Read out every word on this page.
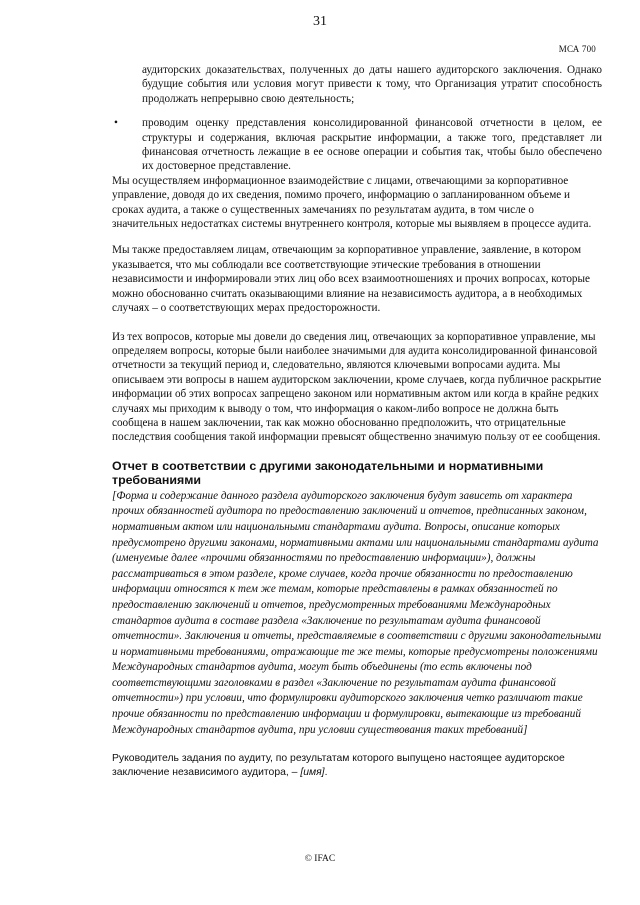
31
МСА 700

аудиторских доказательствах, полученных до даты нашего аудиторского заключения. Однако будущие события или условия могут привести к тому, что Организация утратит способность продолжать непрерывно свою деятельность;

• проводим оценку представления консолидированной финансовой отчетности в целом, ее структуры и содержания, включая раскрытие информации, а также того, представляет ли финансовая отчетность лежащие в ее основе операции и события так, чтобы было обеспечено их достоверное представление.

Мы осуществляем информационное взаимодействие с лицами, отвечающими за корпоративное управление, доводя до их сведения, помимо прочего, информацию о запланированном объеме и сроках аудита, а также о существенных замечаниях по результатам аудита, в том числе о значительных недостатках системы внутреннего контроля, которые мы выявляем в процессе аудита.

Мы также предоставляем лицам, отвечающим за корпоративное управление, заявление, в котором указывается, что мы соблюдали все соответствующие этические требования в отношении независимости и информировали этих лиц обо всех взаимоотношениях и прочих вопросах, которые можно обоснованно считать оказывающими влияние на независимость аудитора, а в необходимых случаях – о соответствующих мерах предосторожности.

Из тех вопросов, которые мы довели до сведения лиц, отвечающих за корпоративное управление, мы определяем вопросы, которые были наиболее значимыми для аудита консолидированной финансовой отчетности за текущий период и, следовательно, являются ключевыми вопросами аудита. Мы описываем эти вопросы в нашем аудиторском заключении, кроме случаев, когда публичное раскрытие информации об этих вопросах запрещено законом или нормативным актом или когда в крайне редких случаях мы приходим к выводу о том, что информация о каком-либо вопросе не должна быть сообщена в нашем заключении, так как можно обоснованно предположить, что отрицательные последствия сообщения такой информации превысят общественно значимую пользу от ее сообщения.

Отчет в соответствии с другими законодательными и нормативными требованиями

[Форма и содержание данного раздела аудиторского заключения будут зависеть от характера прочих обязанностей аудитора по предоставлению заключений и отчетов, предписанных законом, нормативным актом или национальными стандартами аудита. Вопросы, описание которых предусмотрено другими законами, нормативными актами или национальными стандартами аудита (именуемые далее «прочими обязанностями по предоставлению информации»), должны рассматриваться в этом разделе, кроме случаев, когда прочие обязанности по предоставлению информации относятся к тем же темам, которые представлены в рамках обязанностей по предоставлению заключений и отчетов, предусмотренных требованиями Международных стандартов аудита в составе раздела «Заключение по результатам аудита финансовой отчетности». Заключения и отчеты, представляемые в соответствии с другими законодательными и нормативными требованиями, отражающие те же темы, которые предусмотрены положениями Международных стандартов аудита, могут быть объединены (то есть включены под соответствующими заголовками в раздел «Заключение по результатам аудита финансовой отчетности») при условии, что формулировки аудиторского заключения четко различают такие прочие обязанности по представлению информации и формулировки, вытекающие из требований Международных стандартов аудита, при условии существования таких требований]

Руководитель задания по аудиту, по результатам которого выпущено настоящее аудиторское заключение независимого аудитора, – [имя].

© IFAC
